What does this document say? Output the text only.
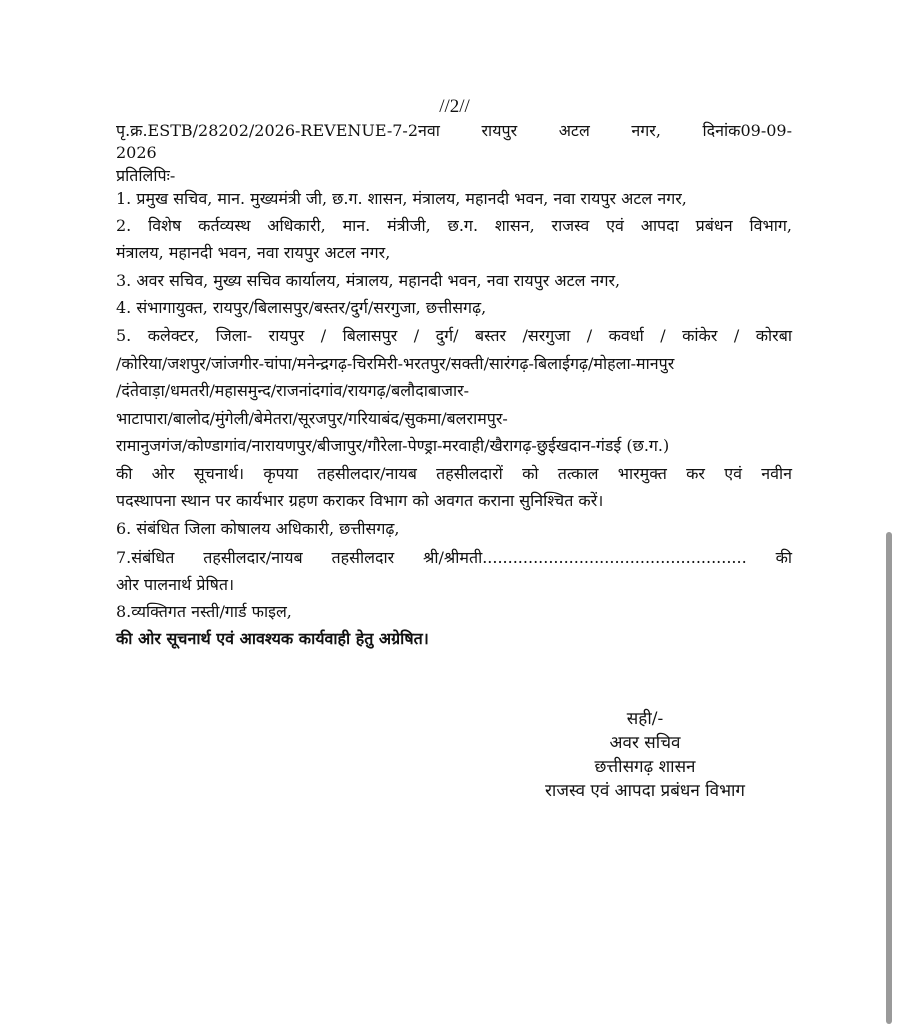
//2//
पृ.क्र.ESTB/28202/2026-REVENUE-7-2नवा रायपुर अटल नगर, दिनांक09-09-
2026
प्रतिलिपिः-
1. प्रमुख सचिव, मान. मुख्यमंत्री जी, छ.ग. शासन, मंत्रालय, महानदी भवन, नवा रायपुर अटल नगर,
2. विशेष कर्तव्यस्थ अधिकारी, मान. मंत्रीजी, छ.ग. शासन, राजस्व एवं आपदा प्रबंधन विभाग,
मंत्रालय, महानदी भवन, नवा रायपुर अटल नगर,
3. अवर सचिव, मुख्य सचिव कार्यालय, मंत्रालय, महानदी भवन, नवा रायपुर अटल नगर,
4. संभागायुक्त, रायपुर/बिलासपुर/बस्तर/दुर्ग/सरगुजा, छत्तीसगढ़,
5. कलेक्टर, जिला- रायपुर / बिलासपुर / दुर्ग/ बस्तर /सरगुजा / कवर्धा / कांकेर / कोरबा
/कोरिया/जशपुर/जांजगीर-चांपा/मनेन्द्रगढ़-चिरमिरी-भरतपुर/सक्ती/सारंगढ़-बिलाईगढ़/मोहला-मानपुर
/दंतेवाड़ा/धमतरी/महासमुन्द/राजनांदगांव/रायगढ़/बलौदाबाजार-
भाटापारा/बालोद/मुंगेली/बेमेतरा/सूरजपुर/गरियाबंद/सुकमा/बलरामपुर-
रामानुजगंज/कोण्डागांव/नारायणपुर/बीजापुर/गौरेला-पेण्ड्रा-मरवाही/खैरागढ़-छुईखदान-गंडई (छ.ग.)
की ओर सूचनार्थ। कृपया तहसीलदार/नायब तहसीलदारों को तत्काल भारमुक्त कर एवं नवीन
पदस्थापना स्थान पर कार्यभार ग्रहण कराकर विभाग को अवगत कराना सुनिश्चित करें।
6. संबंधित जिला कोषालय अधिकारी, छत्तीसगढ़,
7.संबंधित तहसीलदार/नायब तहसीलदार श्री/श्रीमती.................................................... की
ओर पालनार्थ प्रेषित।
8.व्यक्तिगत नस्ती/गार्ड फाइल,
की ओर सूचनार्थ एवं आवश्यक कार्यवाही हेतु अग्रेषित।
सही/-
अवर सचिव
छत्तीसगढ़ शासन
राजस्व एवं आपदा प्रबंधन विभाग
